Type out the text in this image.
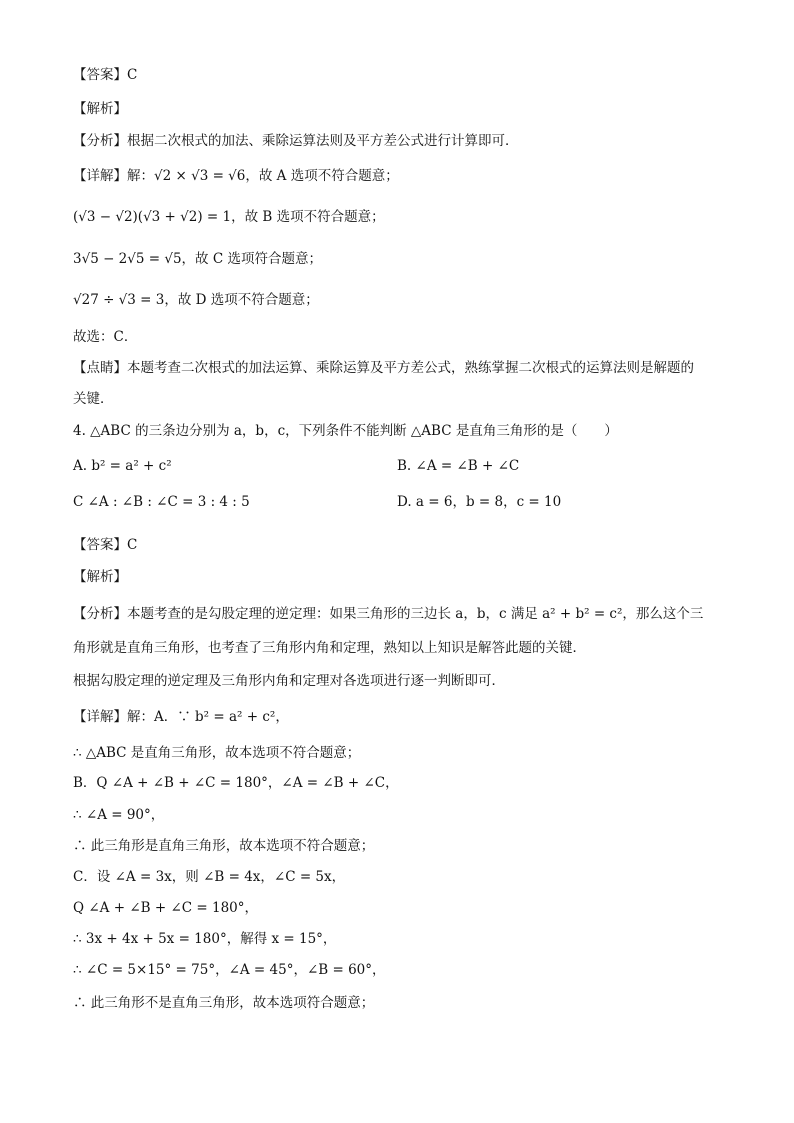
【答案】C
【解析】
【分析】根据二次根式的加法、乘除运算法则及平方差公式进行计算即可．
【详解】解：√2 × √3 = √6，故 A 选项不符合题意；
(√3 − √2)(√3 + √2) = 1，故 B 选项不符合题意；
3√5 − 2√5 = √5，故 C 选项符合题意；
√27 ÷ √3 = 3，故 D 选项不符合题意；
故选：C．
【点睛】本题考查二次根式的加法运算、乘除运算及平方差公式，熟练掌握二次根式的运算法则是解题的
关键．
4. △ABC 的三条边分别为 a，b，c，下列条件不能判断 △ABC 是直角三角形的是（　　）
A. b² = a² + c²	B. ∠A = ∠B + ∠C
C ∠A : ∠B : ∠C = 3 : 4 : 5	D. a = 6，b = 8，c = 10
【答案】C
【解析】
【分析】本题考查的是勾股定理的逆定理：如果三角形的三边长 a，b，c 满足 a² + b² = c²，那么这个三
角形就是直角三角形，也考查了三角形内角和定理，熟知以上知识是解答此题的关键．
根据勾股定理的逆定理及三角形内角和定理对各选项进行逐一判断即可．
【详解】解：A．∵ b² = a² + c²，
∴ △ABC 是直角三角形，故本选项不符合题意；
B．Q ∠A + ∠B + ∠C = 180°，∠A = ∠B + ∠C，
∴ ∠A = 90°，
∴ 此三角形是直角三角形，故本选项不符合题意；
C．设 ∠A = 3x，则 ∠B = 4x，∠C = 5x，
Q ∠A + ∠B + ∠C = 180°，
∴ 3x + 4x + 5x = 180°，解得 x = 15°，
∴ ∠C = 5×15° = 75°，∠A = 45°，∠B = 60°，
∴ 此三角形不是直角三角形，故本选项符合题意；
